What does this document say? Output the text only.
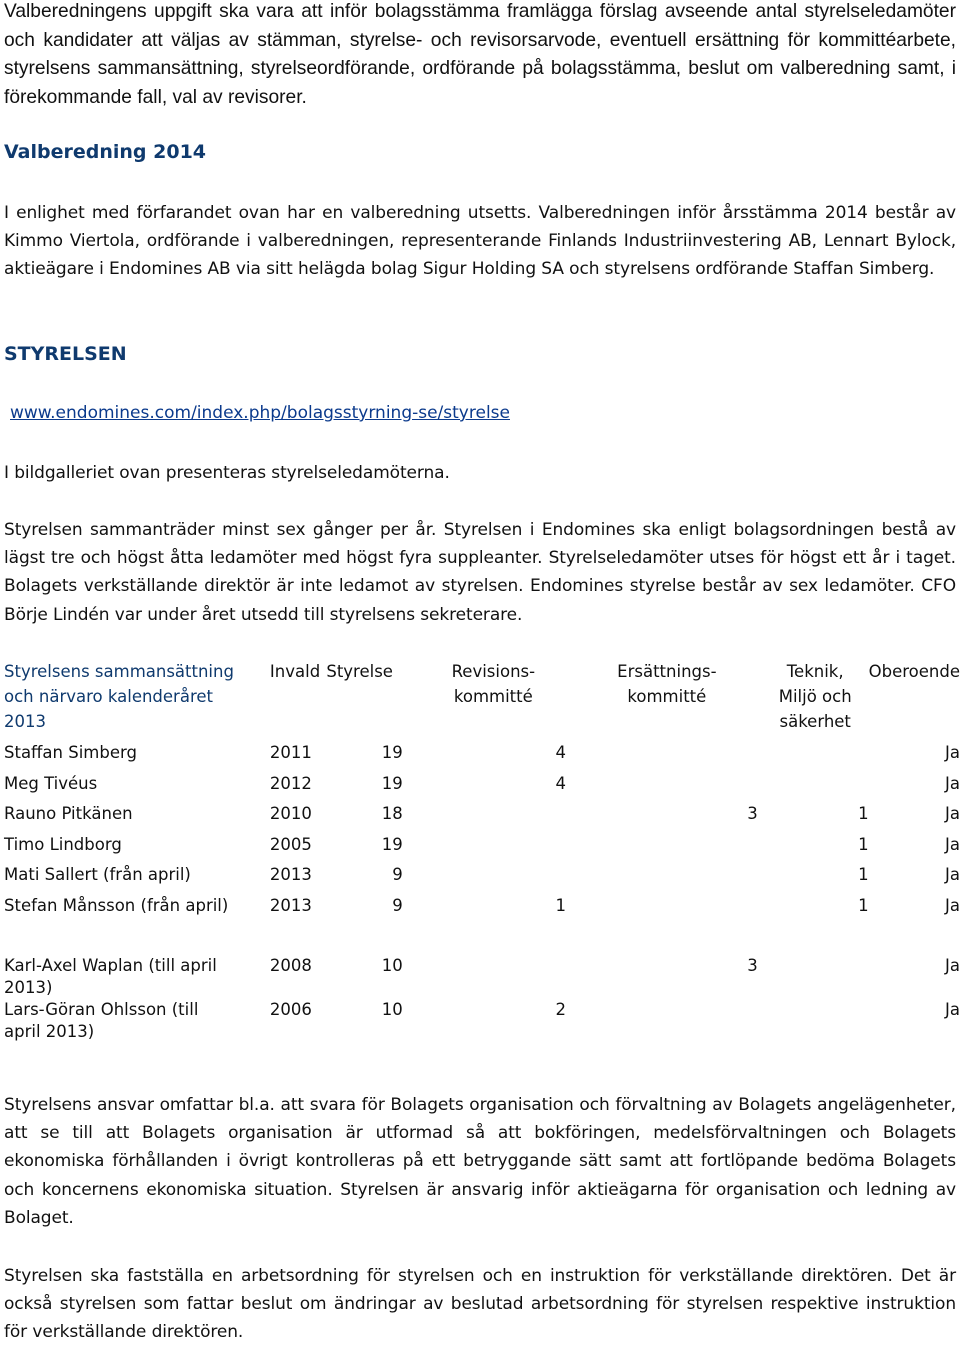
Valberedningens uppgift ska vara att inför bolagsstämma framlägga förslag avseende antal styrelseledamöter och kandidater att väljas av stämman, styrelse- och revisorsarvode, eventuell ersättning för kommittéarbete, styrelsens sammansättning, styrelseordförande, ordförande på bolagsstämma, beslut om valberedning samt, i förekommande fall, val av revisorer.

Valberedning 2014

I enlighet med förfarandet ovan har en valberedning utsetts. Valberedningen inför årsstämma 2014 består av Kimmo Viertola, ordförande i valberedningen, representerande Finlands Industriinvestering AB, Lennart Bylock, aktieägare i Endomines AB via sitt helägda bolag Sigur Holding SA och styrelsens ordförande Staffan Simberg.

STYRELSEN
www.endomines.com/index.php/bolagsstyrning-se/styrelse

I bildgalleriet ovan presenteras styrelseledamöterna.

Styrelsen sammanträder minst sex gånger per år. Styrelsen i Endomines ska enligt bolagsordningen bestå av lägst tre och högst åtta ledamöter med högst fyra suppleanter. Styrelseledamöter utses för högst ett år i taget. Bolagets verkställande direktör är inte ledamot av styrelsen. Endomines styrelse består av sex ledamöter. CFO Börje Lindén var under året utsedd till styrelsens sekreterare.

Styrelsens sammansättning och närvaro kalenderåret 2013	Invald	Styrelse	Revisions-kommitté	Ersättnings-kommitté	Teknik, Miljö och säkerhet	Oberoende

Staffan Simberg	2011	19	4			Ja
Meg Tivéus	2012	19	4			Ja
Rauno Pitkänen	2010	18		3	1	Ja
Timo Lindborg	2005	19			1	Ja
Mati Sallert (från april)	2013	9			1	Ja
Stefan Månsson (från april)	2013	9	1		1	Ja

Karl-Axel Waplan (till april 2013)	2008	10		3		Ja
Lars-Göran Ohlsson (till april 2013)	2006	10	2			Ja

Styrelsens ansvar omfattar bl.a. att svara för Bolagets organisation och förvaltning av Bolagets angelägenheter, att se till att Bolagets organisation är utformad så att bokföringen, medelsförvaltningen och Bolagets ekonomiska förhållanden i övrigt kontrolleras på ett betryggande sätt samt att fortlöpande bedöma Bolagets och koncernens ekonomiska situation. Styrelsen är ansvarig inför aktieägarna för organisation och ledning av Bolaget.

Styrelsen ska fastställa en arbetsordning för styrelsen och en instruktion för verkställande direktören. Det är också styrelsen som fattar beslut om ändringar av beslutad arbetsordning för styrelsen respektive instruktion för verkställande direktören.
